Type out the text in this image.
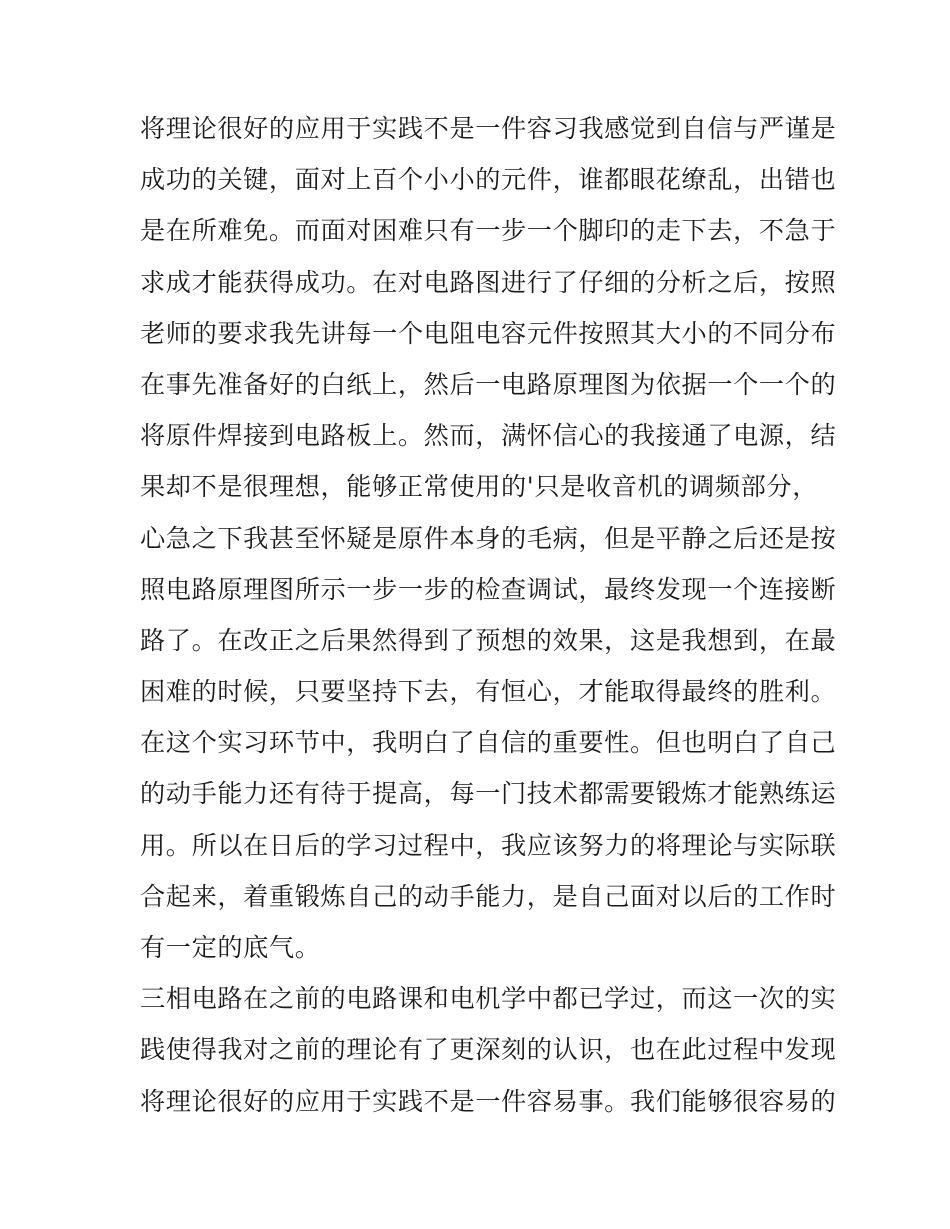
将理论很好的应用于实践不是一件容习我感觉到自信与严谨是
成功的关键，面对上百个小小的元件，谁都眼花缭乱，出错也
是在所难免。而面对困难只有一步一个脚印的走下去，不急于
求成才能获得成功。在对电路图进行了仔细的分析之后，按照
老师的要求我先讲每一个电阻电容元件按照其大小的不同分布
在事先准备好的白纸上，然后一电路原理图为依据一个一个的
将原件焊接到电路板上。然而，满怀信心的我接通了电源，结
果却不是很理想，能够正常使用的'只是收音机的调频部分，
心急之下我甚至怀疑是原件本身的毛病，但是平静之后还是按
照电路原理图所示一步一步的检查调试，最终发现一个连接断
路了。在改正之后果然得到了预想的效果，这是我想到，在最
困难的时候，只要坚持下去，有恒心，才能取得最终的胜利。
在这个实习环节中，我明白了自信的重要性。但也明白了自己
的动手能力还有待于提高，每一门技术都需要锻炼才能熟练运
用。所以在日后的学习过程中，我应该努力的将理论与实际联
合起来，着重锻炼自己的动手能力，是自己面对以后的工作时
有一定的底气。
三相电路在之前的电路课和电机学中都已学过，而这一次的实
践使得我对之前的理论有了更深刻的认识，也在此过程中发现
将理论很好的应用于实践不是一件容易事。我们能够很容易的
